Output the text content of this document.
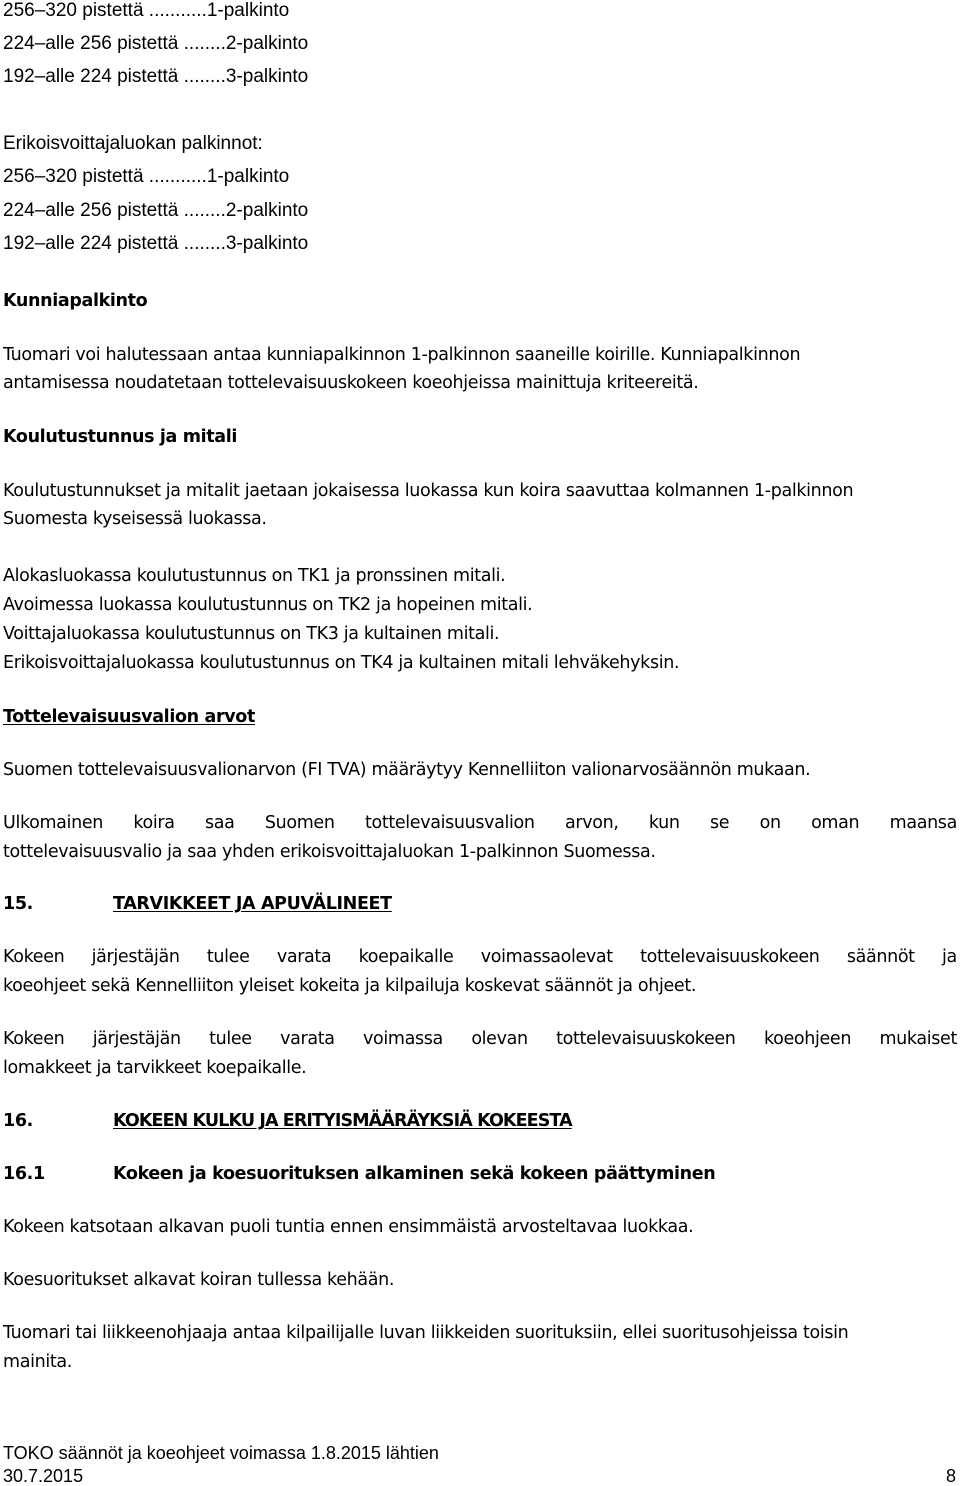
256–320 pistettä ...........1-palkinto
224–alle 256 pistettä ........2-palkinto
192–alle 224 pistettä ........3-palkinto
Erikoisvoittajaluokan palkinnot:
256–320 pistettä ...........1-palkinto
224–alle 256 pistettä ........2-palkinto
192–alle 224 pistettä ........3-palkinto
Kunniapalkinto
Tuomari voi halutessaan antaa kunniapalkinnon 1-palkinnon saaneille koirille. Kunniapalkinnon
antamisessa noudatetaan tottelevaisuuskokeen koeohjeissa mainittuja kriteereitä.
Koulutustunnus ja mitali
Koulutustunnukset ja mitalit jaetaan jokaisessa luokassa kun koira saavuttaa kolmannen 1-palkinnon
Suomesta kyseisessä luokassa.
Alokasluokassa koulutustunnus on TK1 ja pronssinen mitali.
Avoimessa luokassa koulutustunnus on TK2 ja hopeinen mitali.
Voittajaluokassa koulutustunnus on TK3 ja kultainen mitali.
Erikoisvoittajaluokassa koulutustunnus on TK4 ja kultainen mitali lehväkehyksin.
Tottelevaisuusvalion arvot
Suomen tottelevaisuusvalionarvon (FI TVA) määräytyy Kennelliiton valionarvosäännön mukaan.
Ulkomainen koira saa Suomen tottelevaisuusvalion arvon, kun se on oman maansa
tottelevaisuusvalio ja saa yhden erikoisvoittajaluokan 1-palkinnon Suomessa.
15.	TARVIKKEET JA APUVÄLINEET
Kokeen järjestäjän tulee varata koepaikalle voimassaolevat tottelevaisuuskokeen säännöt ja
koeohjeet sekä Kennelliiton yleiset kokeita ja kilpailuja koskevat säännöt ja ohjeet.
Kokeen järjestäjän tulee varata voimassa olevan tottelevaisuuskokeen koeohjeen mukaiset
lomakkeet ja tarvikkeet koepaikalle.
16.	KOKEEN KULKU JA ERITYISMÄÄRÄYKSIÄ KOKEESTA
16.1	Kokeen ja koesuorituksen alkaminen sekä kokeen päättyminen
Kokeen katsotaan alkavan puoli tuntia ennen ensimmäistä arvosteltavaa luokkaa.
Koesuoritukset alkavat koiran tullessa kehään.
Tuomari tai liikkeenohjaaja antaa kilpailijalle luvan liikkeiden suorituksiin, ellei suoritusohjeissa toisin
mainita.
TOKO säännöt ja koeohjeet voimassa 1.8.2015 lähtien
30.7.2015	8
